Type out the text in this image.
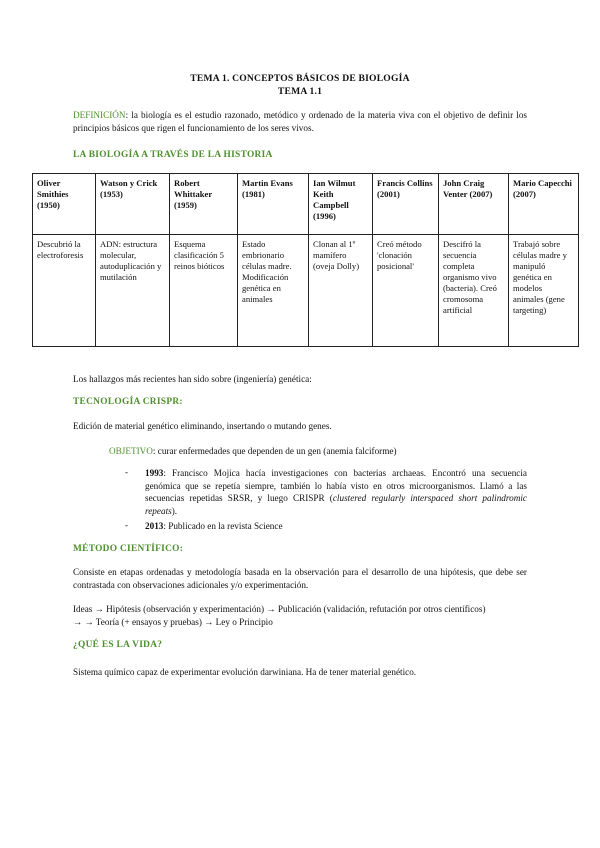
TEMA 1. CONCEPTOS BÁSICOS DE BIOLOGÍA
TEMA 1.1
DEFINICIÓN: la biología es el estudio razonado, metódico y ordenado de la materia viva con el objetivo de definir los principios básicos que rigen el funcionamiento de los seres vivos.
LA BIOLOGÍA A TRAVÉS DE LA HISTORIA
Oliver Smithies (1950)	Watson y Crick (1953)	Robert Whittaker (1959)	Martin Evans (1981)	Ian Wilmut Keith Campbell (1996)	Francis Collins (2001)	John Craig Venter (2007)	Mario Capecchi (2007)
Descubrió la electroforesis	ADN: estructura molecular, autoduplicación y mutilación	Esquema clasificación 5 reinos bióticos	Estado embrionario células madre. Modificación genética en animales	Clonan al 1º mamífero (oveja Dolly)	Creó método 'clonación posicional'	Descifró la secuencia completa organismo vivo (bacteria). Creó cromosoma artificial	Trabajó sobre células madre y manipuló genética en modelos animales (gene targeting)
Los hallazgos más recientes han sido sobre (ingeniería) genética:
TECNOLOGÍA CRISPR:
Edición de material genético eliminando, insertando o mutando genes.
OBJETIVO: curar enfermedades que dependen de un gen (anemia falciforme)
- 1993: Francisco Mojica hacía investigaciones con bacterias archaeas. Encontró una secuencia genómica que se repetía siempre, también lo había visto en otros microorganismos. Llamó a las secuencias repetidas SRSR, y luego CRISPR (clustered regularly interspaced short palindromic repeats).
- 2013: Publicado en la revista Science
MÉTODO CIENTÍFICO:
Consiste en etapas ordenadas y metodología basada en la observación para el desarrollo de una hipótesis, que debe ser contrastada con observaciones adicionales y/o experimentación.
Ideas → Hipótesis (observación y experimentación) → Publicación (validación, refutación por otros científicos)
→ → Teoría (+ ensayos y pruebas) → Ley o Principio
¿QUÉ ES LA VIDA?
Sistema químico capaz de experimentar evolución darwiniana. Ha de tener material genético.
